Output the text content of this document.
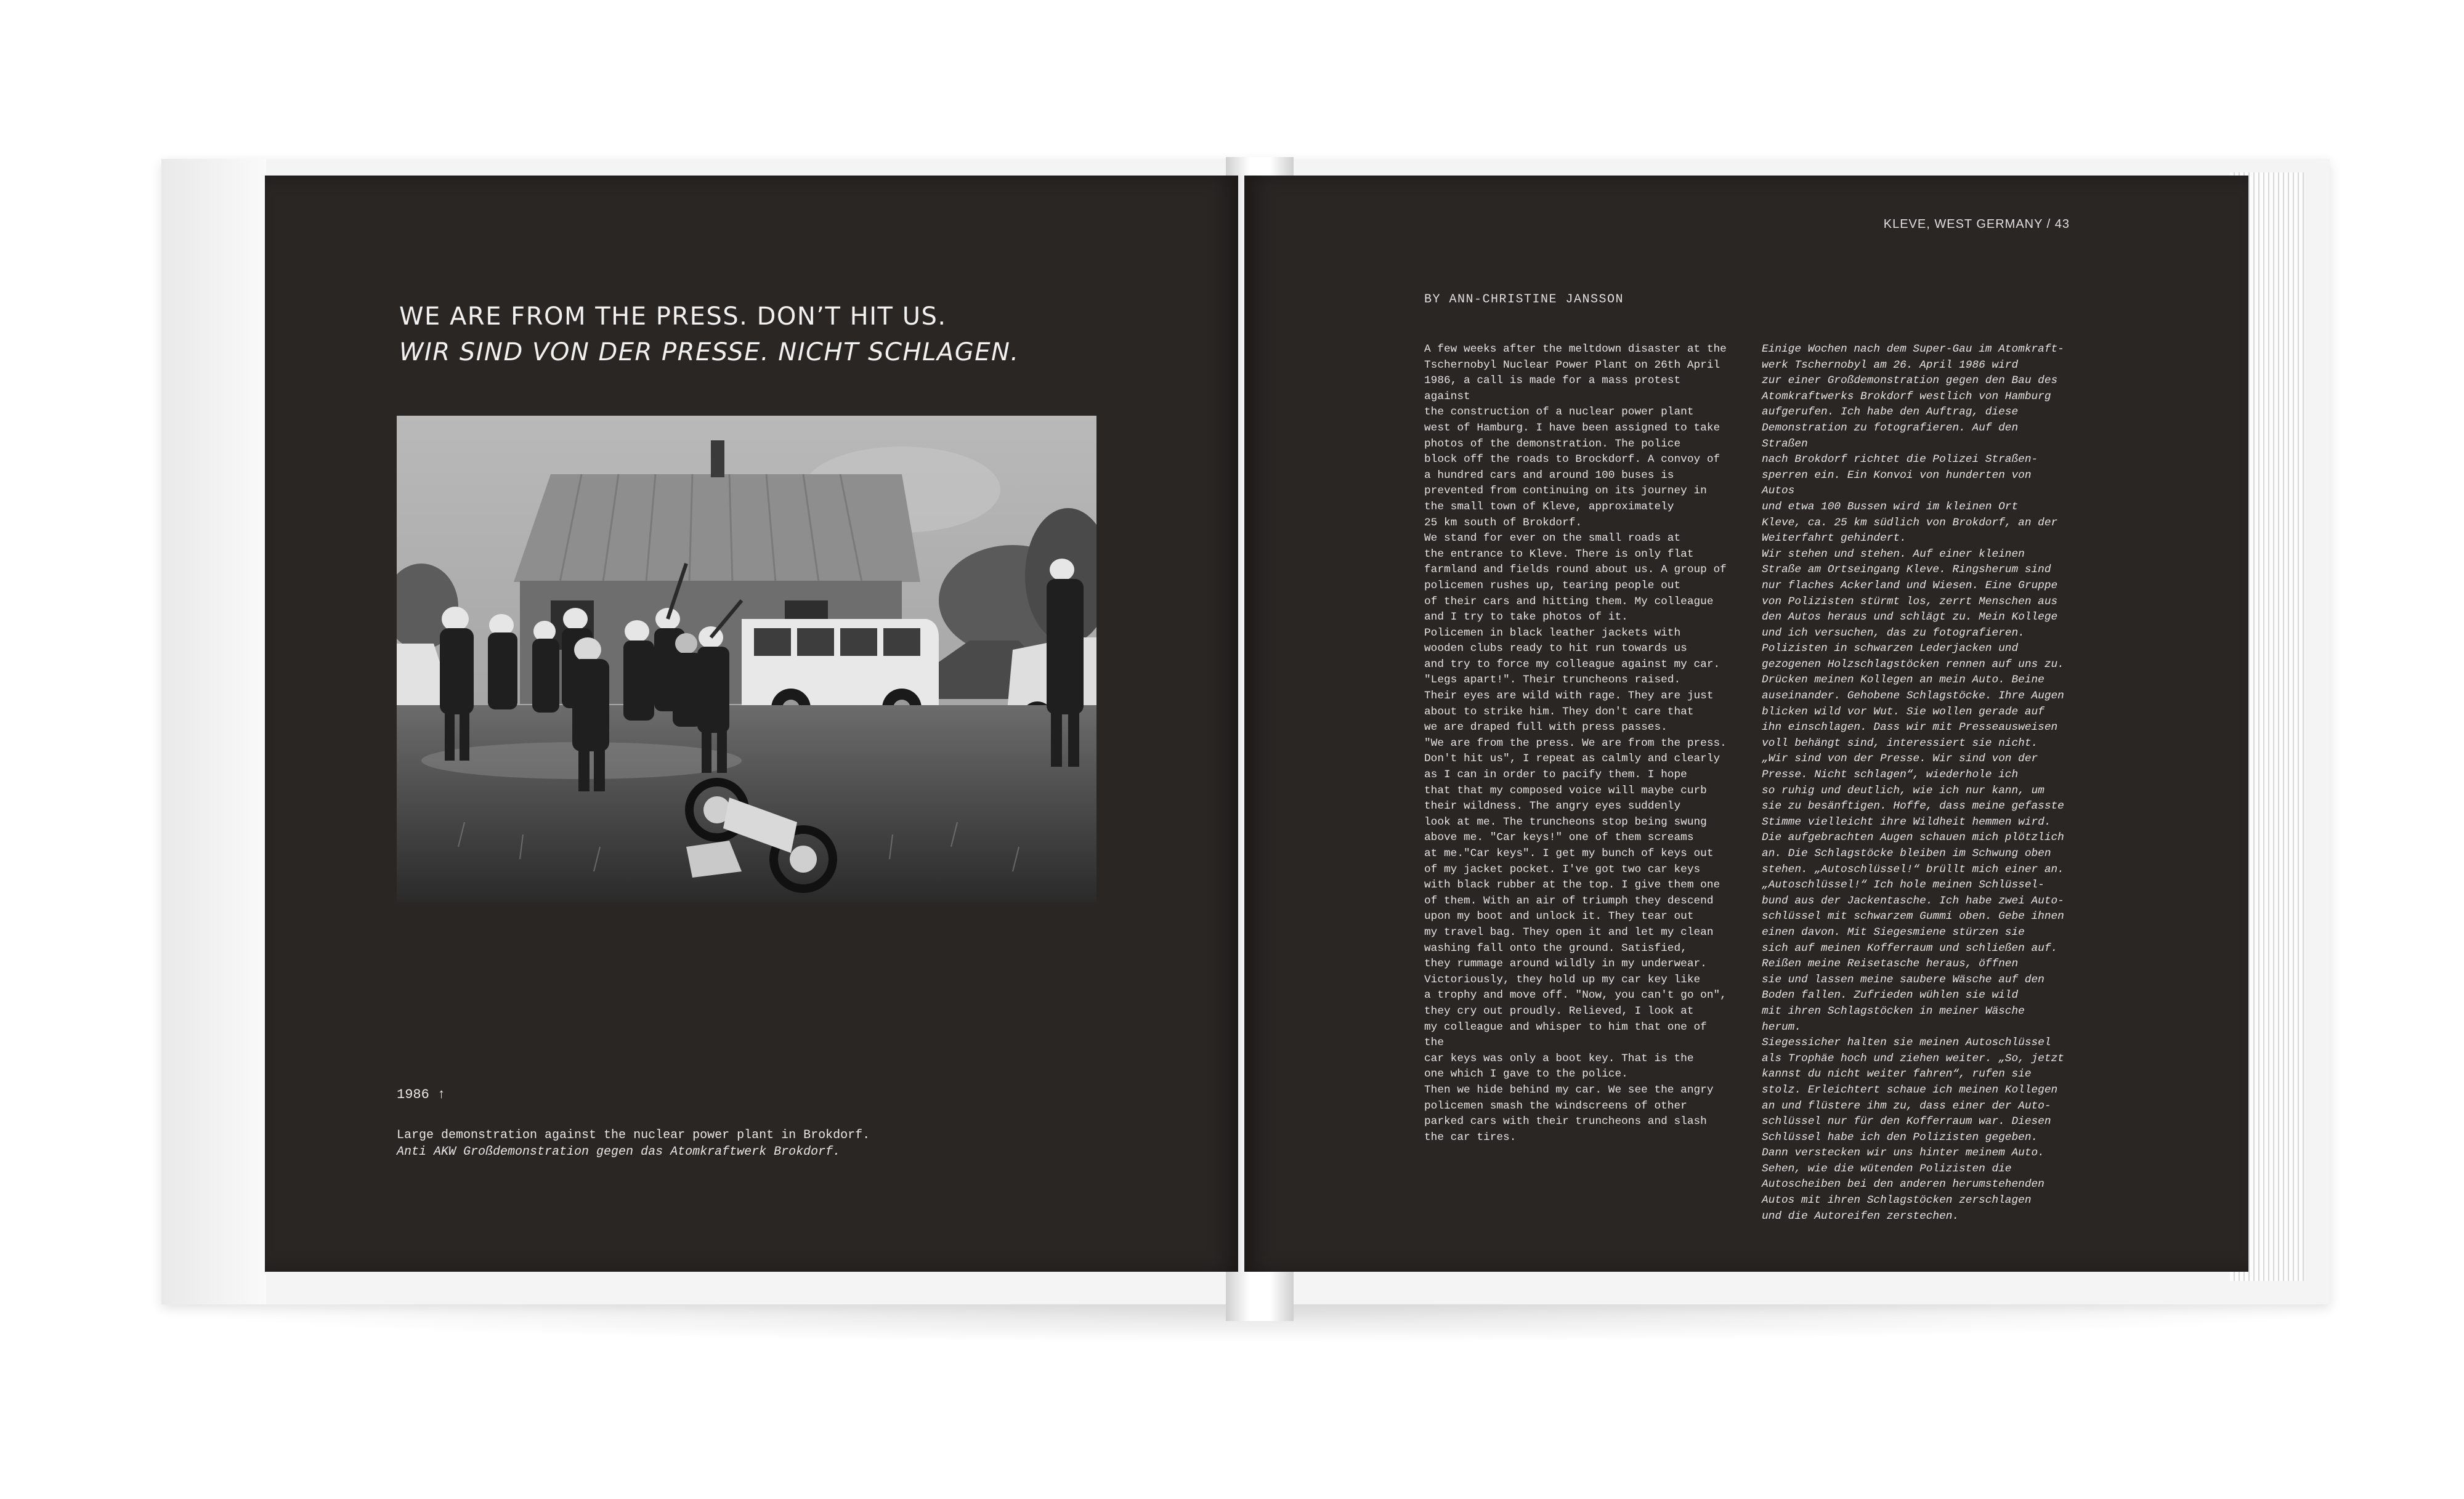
WE ARE FROM THE PRESS. DON’T HIT US.
WIR SIND VON DER PRESSE. NICHT SCHLAGEN.
1986 ↑
Large demonstration against the nuclear power plant in Brokdorf.
Anti AKW Großdemonstration gegen das Atomkraftwerk Brokdorf.
KLEVE, WEST GERMANY / 43
BY ANN-CHRISTINE JANSSON
A few weeks after the meltdown disaster at the
Tschernobyl Nuclear Power Plant on 26th April
1986, a call is made for a mass protest against
the construction of a nuclear power plant
west of Hamburg. I have been assigned to take
photos of the demonstration. The police
block off the roads to Brockdorf. A convoy of
a hundred cars and around 100 buses is
prevented from continuing on its journey in
the small town of Kleve, approximately
25 km south of Brokdorf.
We stand for ever on the small roads at
the entrance to Kleve. There is only flat
farmland and fields round about us. A group of
policemen rushes up, tearing people out
of their cars and hitting them. My colleague
and I try to take photos of it.
Policemen in black leather jackets with
wooden clubs ready to hit run towards us
and try to force my colleague against my car.
"Legs apart!". Their truncheons raised.
Their eyes are wild with rage. They are just
about to strike him. They don't care that
we are draped full with press passes.
"We are from the press. We are from the press.
Don't hit us", I repeat as calmly and clearly
as I can in order to pacify them. I hope
that that my composed voice will maybe curb
their wildness. The angry eyes suddenly
look at me. The truncheons stop being swung
above me. "Car keys!" one of them screams
at me."Car keys". I get my bunch of keys out
of my jacket pocket. I've got two car keys
with black rubber at the top. I give them one
of them. With an air of triumph they descend
upon my boot and unlock it. They tear out
my travel bag. They open it and let my clean
washing fall onto the ground. Satisfied,
they rummage around wildly in my underwear.
Victoriously, they hold up my car key like
a trophy and move off. "Now, you can't go on",
they cry out proudly. Relieved, I look at
my colleague and whisper to him that one of the
car keys was only a boot key. That is the
one which I gave to the police.
Then we hide behind my car. We see the angry
policemen smash the windscreens of other
parked cars with their truncheons and slash
the car tires.
Einige Wochen nach dem Super-Gau im Atomkraft-
werk Tschernobyl am 26. April 1986 wird
zur einer Großdemonstration gegen den Bau des
Atomkraftwerks Brokdorf westlich von Hamburg
aufgerufen. Ich habe den Auftrag, diese
Demonstration zu fotografieren. Auf den Straßen
nach Brokdorf richtet die Polizei Straßen-
sperren ein. Ein Konvoi von hunderten von Autos
und etwa 100 Bussen wird im kleinen Ort
Kleve, ca. 25 km südlich von Brokdorf, an der
Weiterfahrt gehindert.
Wir stehen und stehen. Auf einer kleinen
Straße am Ortseingang Kleve. Ringsherum sind
nur flaches Ackerland und Wiesen. Eine Gruppe
von Polizisten stürmt los, zerrt Menschen aus
den Autos heraus und schlägt zu. Mein Kollege
und ich versuchen, das zu fotografieren.
Polizisten in schwarzen Lederjacken und
gezogenen Holzschlagstöcken rennen auf uns zu.
Drücken meinen Kollegen an mein Auto. Beine
auseinander. Gehobene Schlagstöcke. Ihre Augen
blicken wild vor Wut. Sie wollen gerade auf
ihn einschlagen. Dass wir mit Presseausweisen
voll behängt sind, interessiert sie nicht.
„Wir sind von der Presse. Wir sind von der
Presse. Nicht schlagen“, wiederhole ich
so ruhig und deutlich, wie ich nur kann, um
sie zu besänftigen. Hoffe, dass meine gefasste
Stimme vielleicht ihre Wildheit hemmen wird.
Die aufgebrachten Augen schauen mich plötzlich
an. Die Schlagstöcke bleiben im Schwung oben
stehen. „Autoschlüssel!“ brüllt mich einer an.
„Autoschlüssel!“ Ich hole meinen Schlüssel-
bund aus der Jackentasche. Ich habe zwei Auto-
schlüssel mit schwarzem Gummi oben. Gebe ihnen
einen davon. Mit Siegesmiene stürzen sie
sich auf meinen Kofferraum und schließen auf.
Reißen meine Reisetasche heraus, öffnen
sie und lassen meine saubere Wäsche auf den
Boden fallen. Zufrieden wühlen sie wild
mit ihren Schlagstöcken in meiner Wäsche herum.
Siegessicher halten sie meinen Autoschlüssel
als Trophäe hoch und ziehen weiter. „So, jetzt
kannst du nicht weiter fahren“, rufen sie
stolz. Erleichtert schaue ich meinen Kollegen
an und flüstere ihm zu, dass einer der Auto-
schlüssel nur für den Kofferraum war. Diesen
Schlüssel habe ich den Polizisten gegeben.
Dann verstecken wir uns hinter meinem Auto.
Sehen, wie die wütenden Polizisten die
Autoscheiben bei den anderen herumstehenden
Autos mit ihren Schlagstöcken zerschlagen
und die Autoreifen zerstechen.
